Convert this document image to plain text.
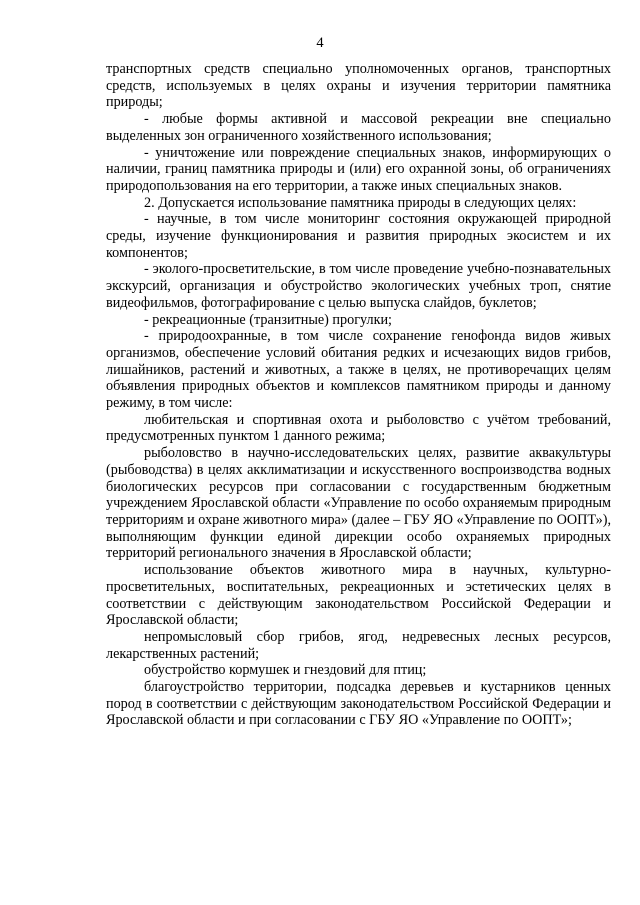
4

транспортных средств специально уполномоченных органов, транспортных средств, используемых в целях охраны и изучения территории памятника природы;

- любые формы активной и массовой рекреации вне специально выделенных зон ограниченного хозяйственного использования;

- уничтожение или повреждение специальных знаков, информирующих о наличии, границ памятника природы и (или) его охранной зоны, об ограничениях природопользования на его территории, а также иных специальных знаков.

2. Допускается использование памятника природы в следующих целях:

- научные, в том числе мониторинг состояния окружающей природной среды, изучение функционирования и развития природных экосистем и их компонентов;

- эколого-просветительские, в том числе проведение учебно-познавательных экскурсий, организация и обустройство экологических учебных троп, снятие видеофильмов, фотографирование с целью выпуска слайдов, буклетов;

- рекреационные (транзитные) прогулки;

- природоохранные, в том числе сохранение генофонда видов живых организмов, обеспечение условий обитания редких и исчезающих видов грибов, лишайников, растений и животных, а также в целях, не противоречащих целям объявления природных объектов и комплексов памятником природы и данному режиму, в том числе:

любительская и спортивная охота и рыболовство с учётом требований, предусмотренных пунктом 1 данного режима;

рыболовство в научно-исследовательских целях, развитие аквакультуры (рыбоводства) в целях акклиматизации и искусственного воспроизводства водных биологических ресурсов при согласовании с государственным бюджетным учреждением Ярославской области «Управление по особо охраняемым природным территориям и охране животного мира» (далее – ГБУ ЯО «Управление по ООПТ»), выполняющим функции единой дирекции особо охраняемых природных территорий регионального значения в Ярославской области;

использование объектов животного мира в научных, культурно-просветительных, воспитательных, рекреационных и эстетических целях в соответствии с действующим законодательством Российской Федерации и Ярославской области;

непромысловый сбор грибов, ягод, недревесных лесных ресурсов, лекарственных растений;

обустройство кормушек и гнездовий для птиц;

благоустройство территории, подсадка деревьев и кустарников ценных пород в соответствии с действующим законодательством Российской Федерации и Ярославской области и при согласовании с ГБУ ЯО «Управление по ООПТ»;
